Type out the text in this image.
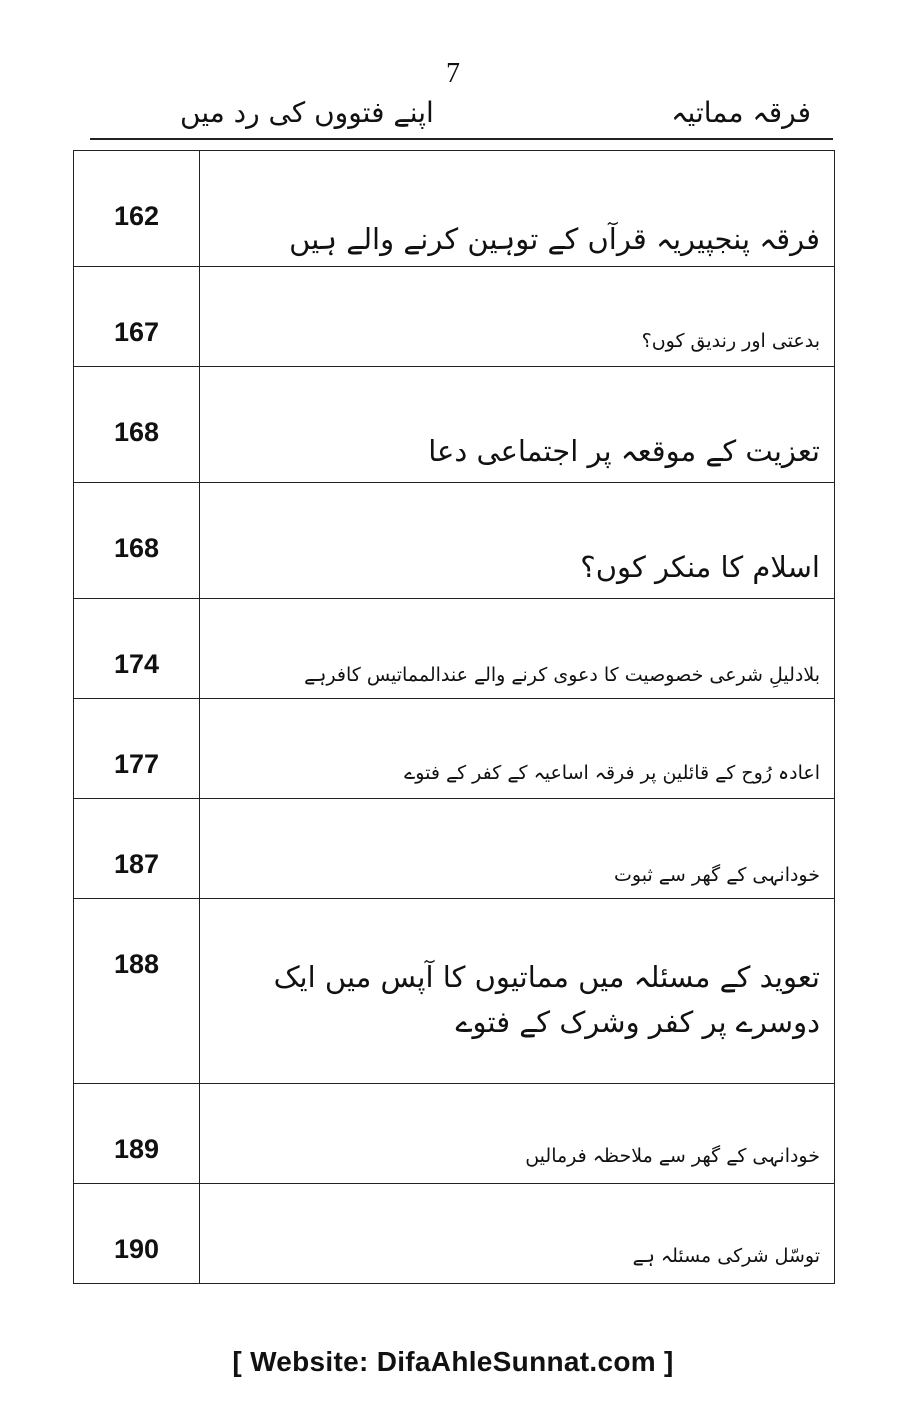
7
اپنے فتووں کی رد میں	فرقہ مماتیہ
162	فرقہ پنجپیریہ قرآں کے توہین کرنے والے ہیں

167	بدعتی اور رندیق کوں؟

168	تعزیت کے موقعہ پر اجتماعی دعا

168	اسلام کا منکر کوں؟

174	بلادلیلِ شرعی خصوصیت کا دعوی کرنے والے عندالمماتیس کافرہے

177	اعادہ رُوح کے قائلین پر فرقہ اساعیہ کے کفر کے فتوے

187	خودانہی کے گھر سے ثبوت

188	تعوید کے مسئلہ میں مماتیوں کا آپس میں ایک دوسرے پر کفر وشرک کے فتوے

189	خودانہی کے گھر سے ملاحظہ فرمالیں

190	توسّل شرکی مسئلہ ہے
[ Website: DifaAhleSunnat.com ]
